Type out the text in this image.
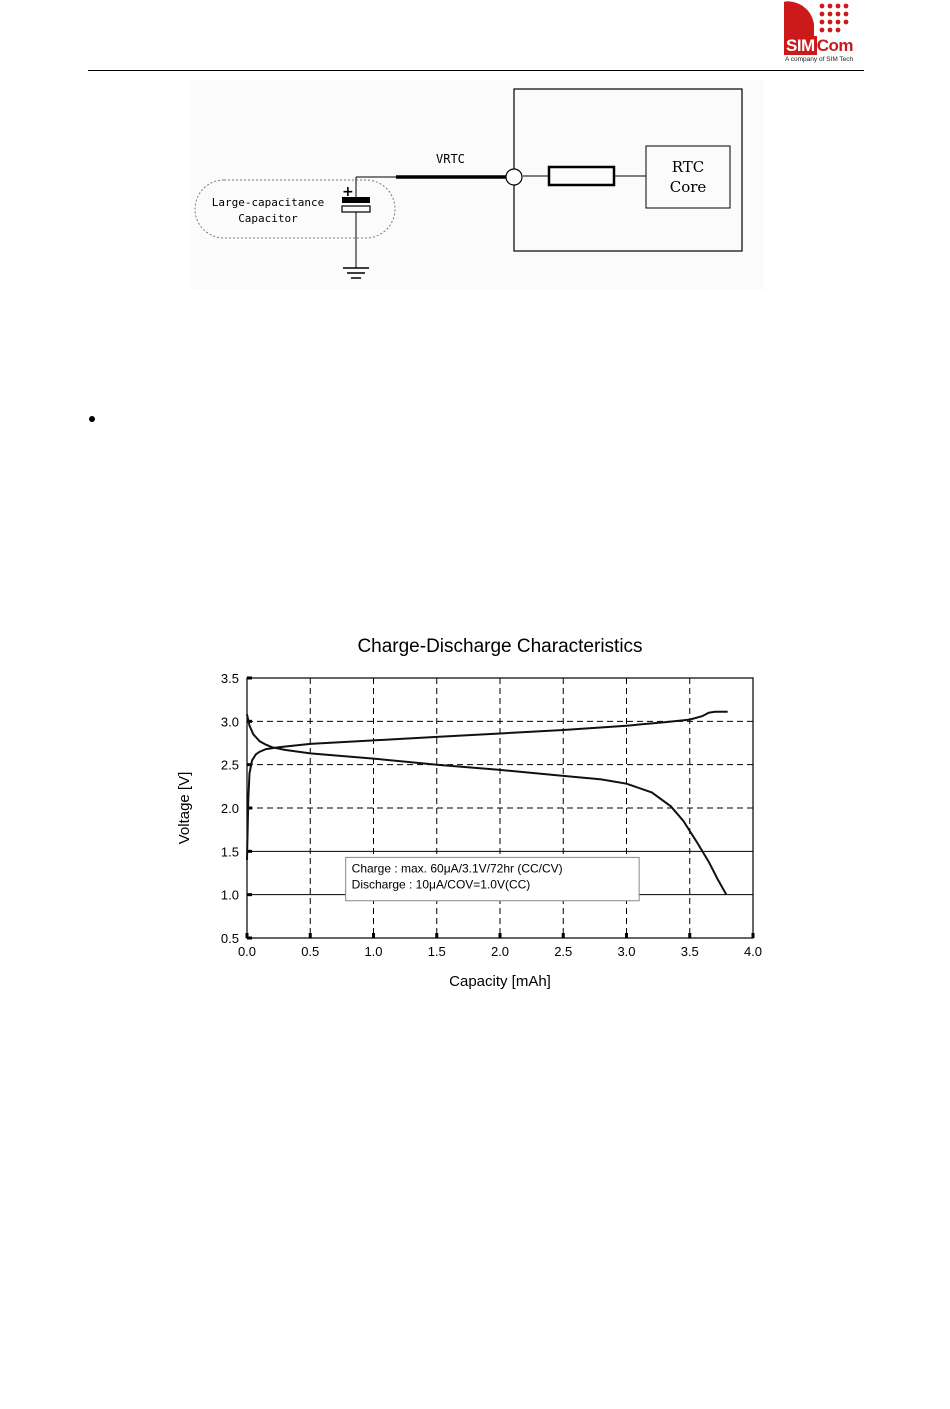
SIM Com
A company of SIM Tech
RTC
Core
VRTC
Large-capacitance
Capacitor
+
Charge-Discharge Characteristics
0.0	0.5	1.0	1.5	2.0	2.5	3.0	3.5	4.0
0.5
1.0
1.5
2.0
2.5
3.0
3.5
Capacity [mAh]
Voltage [V]
Charge : max. 60μA/3.1V/72hr (CC/CV)
Discharge : 10μA/COV=1.0V(CC)
